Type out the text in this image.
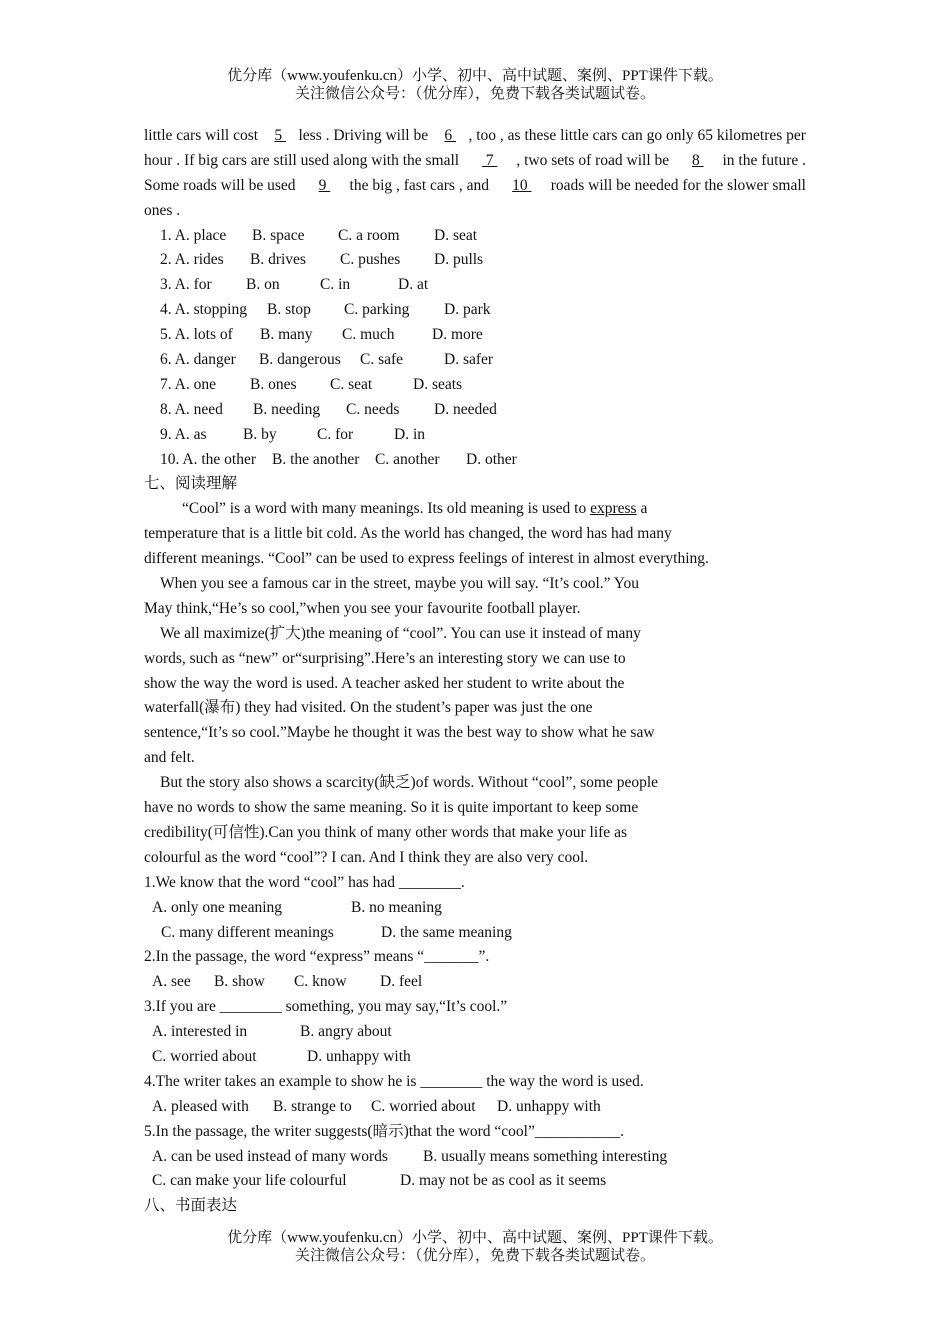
优分库（www.youfenku.cn）小学、初中、高中试题、案例、PPT课件下载。
关注微信公众号：（优分库），免费下载各类试题试卷。
little cars will cost 5 less . Driving will be 6 , too , as these little cars can go only 65 kilometres per
hour . If big cars are still used along with the small 7 , two sets of road will be 8 in the future .
Some roads will be used 9 the big , fast cars , and 10 roads will be needed for the slower small
ones .
1. A. place	B. space	C. a room	D. seat
2. A. rides	B. drives	C. pushes	D. pulls
3. A. for	B. on	C. in	D. at
4. A. stopping	B. stop	C. parking	D. park
5. A. lots of	B. many	C. much	D. more
6. A. danger	B. dangerous	C. safe	D. safer
7. A. one	B. ones	C. seat	D. seats
8. A. need	B. needing	C. needs	D. needed
9. A. as	B. by	C. for	D. in
10. A. the other	B. the another	C. another	D. other
七、阅读理解
“Cool” is a word with many meanings. Its old meaning is used to express a
temperature that is a little bit cold. As the world has changed, the word has had many
different meanings. “Cool” can be used to express feelings of interest in almost everything.
When you see a famous car in the street, maybe you will say. “It’s cool.” You
May think,“He’s so cool,”when you see your favourite football player.
We all maximize(扩大)the meaning of “cool”. You can use it instead of many
words, such as “new” or“surprising”.Here’s an interesting story we can use to
show the way the word is used. A teacher asked her student to write about the
waterfall(瀑布) they had visited. On the student’s paper was just the one
sentence,“It’s so cool.”Maybe he thought it was the best way to show what he saw
and felt.
But the story also shows a scarcity(缺乏)of words. Without “cool”, some people
have no words to show the same meaning. So it is quite important to keep some
credibility(可信性).Can you think of many other words that make your life as
colourful as the word “cool”? I can. And I think they are also very cool.
1.We know that the word “cool” has had ________.
A. only one meaning	B. no meaning
C. many different meanings	D. the same meaning
2.In the passage, the word “express” means “_______”.
A. see	B. show	C. know	D. feel
3.If you are ________ something, you may say,“It’s cool.”
A. interested in	B. angry about
C. worried about	D. unhappy with
4.The writer takes an example to show he is ________ the way the word is used.
A. pleased with	B. strange to	C. worried about	D. unhappy with
5.In the passage, the writer suggests(暗示)that the word “cool”___________.
A. can be used instead of many words	B. usually means something interesting
C. can make your life colourful	D. may not be as cool as it seems
八、书面表达
优分库（www.youfenku.cn）小学、初中、高中试题、案例、PPT课件下载。
关注微信公众号：（优分库），免费下载各类试题试卷。
